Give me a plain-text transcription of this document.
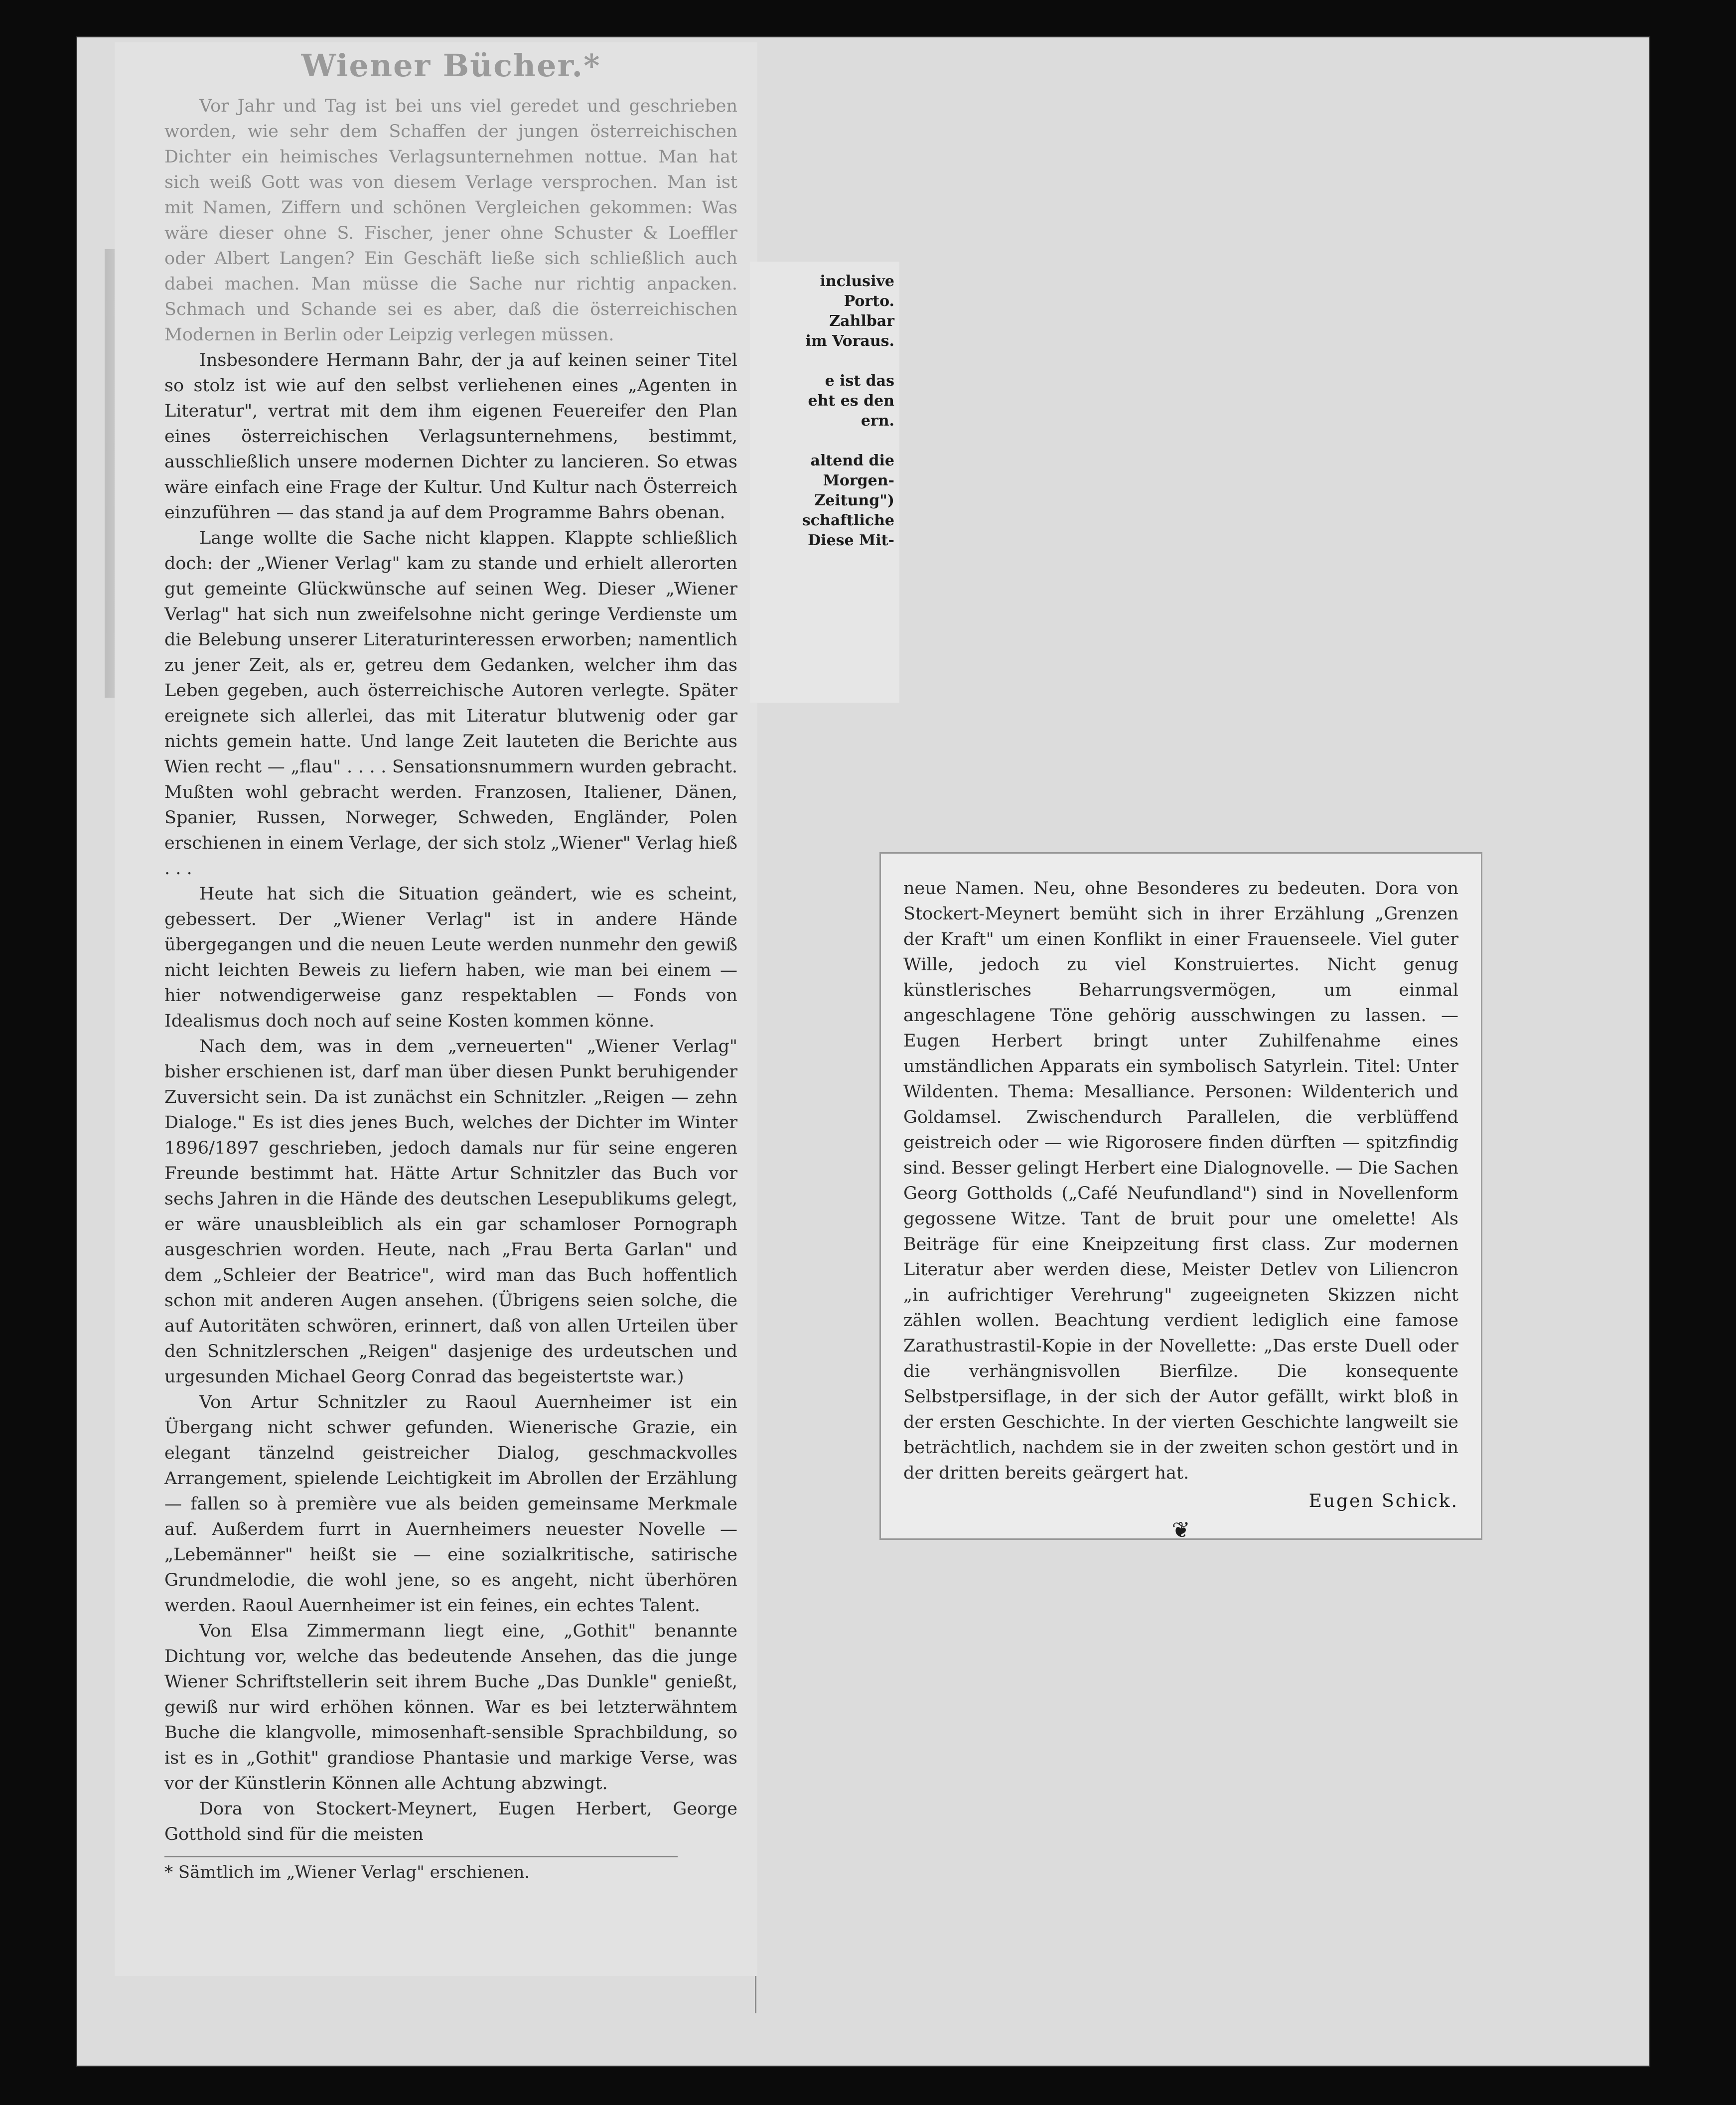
Wiener Bücher.*

Vor Jahr und Tag ist bei uns viel geredet und geschrieben worden, wie sehr dem Schaffen der jungen österreichischen Dichter ein heimisches Verlagsunternehmen nottue. Man hat sich weiß Gott was von diesem Verlage versprochen. Man ist mit Namen, Ziffern und schönen Vergleichen gekommen: Was wäre dieser ohne S. Fischer, jener ohne Schuster & Loeffler oder Albert Langen? Ein Geschäft ließe sich schließlich auch dabei machen. Man müsse die Sache nur richtig anpacken. Schmach und Schande sei es aber, daß die österreichischen Modernen in Berlin oder Leipzig verlegen müssen.

Insbesondere Hermann Bahr, der ja auf keinen seiner Titel so stolz ist wie auf den selbst verliehenen eines „Agenten in Literatur", vertrat mit dem ihm eigenen Feuereifer den Plan eines österreichischen Verlagsunternehmens, bestimmt, ausschließlich unsere modernen Dichter zu lancieren. So etwas wäre einfach eine Frage der Kultur. Und Kultur nach Österreich einzuführen — das stand ja auf dem Programme Bahrs obenan.

Lange wollte die Sache nicht klappen. Klappte schließlich doch: der „Wiener Verlag" kam zu stande und erhielt allerorten gut gemeinte Glückwünsche auf seinen Weg. Dieser „Wiener Verlag" hat sich nun zweifelsohne nicht geringe Verdienste um die Belebung unserer Literaturinteressen erworben; namentlich zu jener Zeit, als er, getreu dem Gedanken, welcher ihm das Leben gegeben, auch österreichische Autoren verlegte. Später ereignete sich allerlei, das mit Literatur blutwenig oder gar nichts gemein hatte. Und lange Zeit lauteten die Berichte aus Wien recht — „flau" . . . . Sensationsnummern wurden gebracht. Mußten wohl gebracht werden. Franzosen, Italiener, Dänen, Spanier, Russen, Norweger, Schweden, Engländer, Polen erschienen in einem Verlage, der sich stolz „Wiener" Verlag hieß . . .

Heute hat sich die Situation geändert, wie es scheint, gebessert. Der „Wiener Verlag" ist in andere Hände übergegangen und die neuen Leute werden nunmehr den gewiß nicht leichten Beweis zu liefern haben, wie man bei einem — hier notwendigerweise ganz respektablen — Fonds von Idealismus doch noch auf seine Kosten kommen könne.

Nach dem, was in dem „verneuerten" „Wiener Verlag" bisher erschienen ist, darf man über diesen Punkt beruhigender Zuversicht sein. Da ist zunächst ein Schnitzler. „Reigen — zehn Dialoge." Es ist dies jenes Buch, welches der Dichter im Winter 1896/1897 geschrieben, jedoch damals nur für seine engeren Freunde bestimmt hat. Hätte Artur Schnitzler das Buch vor sechs Jahren in die Hände des deutschen Lesepublikums gelegt, er wäre unausbleiblich als ein gar schamloser Pornograph ausgeschrien worden. Heute, nach „Frau Berta Garlan" und dem „Schleier der Beatrice", wird man das Buch hoffentlich schon mit anderen Augen ansehen. (Übrigens seien solche, die auf Autoritäten schwören, erinnert, daß von allen Urteilen über den Schnitzlerschen „Reigen" dasjenige des urdeutschen und urgesunden Michael Georg Conrad das begeistertste war.)

Von Artur Schnitzler zu Raoul Auernheimer ist ein Übergang nicht schwer gefunden. Wienerische Grazie, ein elegant tänzelnd geistreicher Dialog, geschmackvolles Arrangement, spielende Leichtigkeit im Abrollen der Erzählung — fallen so à première vue als beiden gemeinsame Merkmale auf. Außerdem furrt in Auernheimers neuester Novelle — „Lebemänner" heißt sie — eine sozialkritische, satirische Grundmelodie, die wohl jene, so es angeht, nicht überhören werden. Raoul Auernheimer ist ein feines, ein echtes Talent.

Von Elsa Zimmermann liegt eine, „Gothit" benannte Dichtung vor, welche das bedeutende Ansehen, das die junge Wiener Schriftstellerin seit ihrem Buche „Das Dunkle" genießt, gewiß nur wird erhöhen können. War es bei letzterwähntem Buche die klangvolle, mimosenhaft-sensible Sprachbildung, so ist es in „Gothit" grandiose Phantasie und markige Verse, was vor der Künstlerin Können alle Achtung abzwingt.

Dora von Stockert-Meynert, Eugen Herbert, George Gotthold sind für die meisten

* Sämtlich im „Wiener Verlag" erschienen.
inclusive
Porto.
Zahlbar
im Voraus.
e ist das
eht es den
ern.
altend die
Morgen-
Zeitung")
schaftliche
Diese Mit-

neue Namen. Neu, ohne Besonderes zu bedeuten. Dora von Stockert-Meynert bemüht sich in ihrer Erzählung „Grenzen der Kraft" um einen Konflikt in einer Frauenseele. Viel guter Wille, jedoch zu viel Konstruiertes. Nicht genug künstlerisches Beharrungsvermögen, um einmal angeschlagene Töne gehörig ausschwingen zu lassen. — Eugen Herbert bringt unter Zuhilfenahme eines umständlichen Apparats ein symbolisch Satyrlein. Titel: Unter Wildenten. Thema: Mesalliance. Personen: Wildenterich und Goldamsel. Zwischendurch Parallelen, die verblüffend geistreich oder — wie Rigorosere finden dürften — spitzfindig sind. Besser gelingt Herbert eine Dialognovelle. — Die Sachen Georg Gottholds („Café Neufundland") sind in Novellenform gegossene Witze. Tant de bruit pour une omelette! Als Beiträge für eine Kneipzeitung first class. Zur modernen Literatur aber werden diese, Meister Detlev von Liliencron „in aufrichtiger Verehrung" zugeeigneten Skizzen nicht zählen wollen. Beachtung verdient lediglich eine famose Zarathustrastil-Kopie in der Novellette: „Das erste Duell oder die verhängnisvollen Bierfilze. Die konsequente Selbstpersiflage, in der sich der Autor gefällt, wirkt bloß in der ersten Geschichte. In der vierten Geschichte langweilt sie beträchtlich, nachdem sie in der zweiten schon gestört und in der dritten bereits geärgert hat.

Eugen Schick.
❦
